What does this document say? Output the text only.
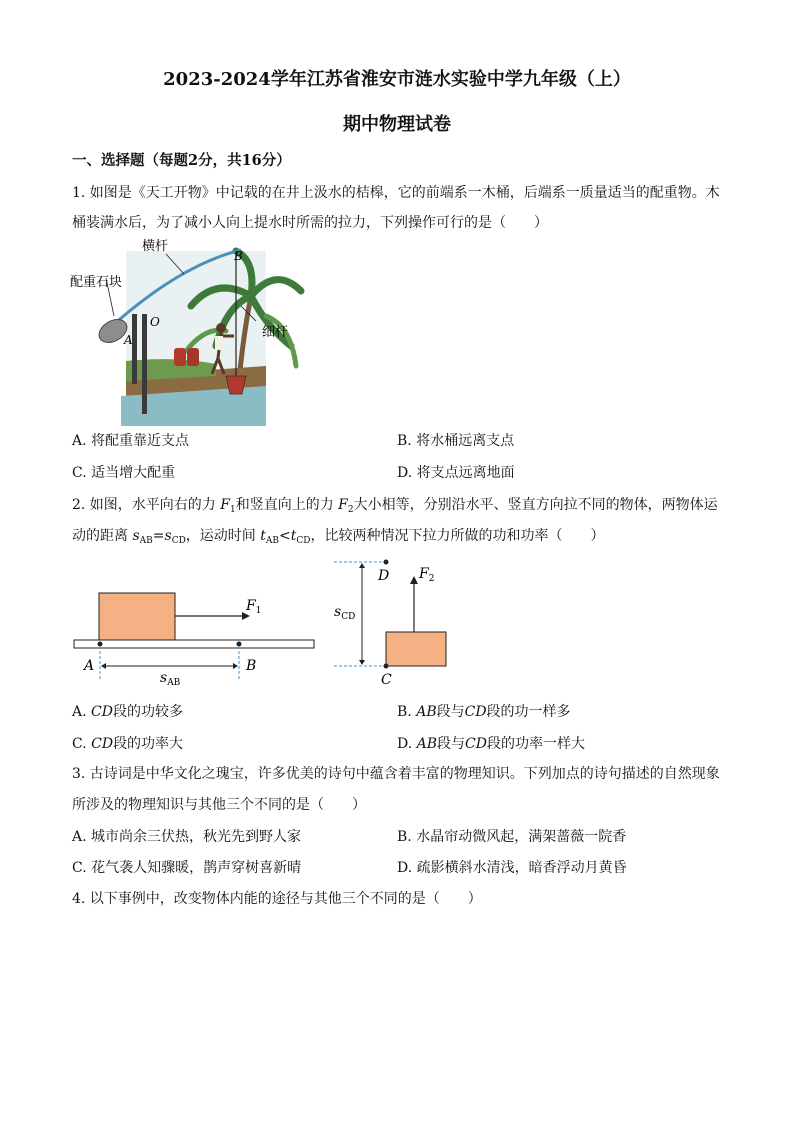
2023-2024学年江苏省淮安市涟水实验中学九年级（上）
期中物理试卷
一、选择题（每题2分，共16分）
1. 如图是《天工开物》中记载的在井上汲水的桔槔，它的前端系一木桶，后端系一质量适当的配重物。木
桶装满水后，为了减小人向上提水时所需的拉力，下列操作可行的是（　　）
横杆
配重石块
细杆
B
O
A
A. 将配重靠近支点	B. 将水桶远离支点
C. 适当增大配重	D. 将支点远离地面
2. 如图，水平向右的力 $F_1$和竖直向上的力 $F_2$大小相等，分别沿水平、竖直方向拉不同的物体，两物体运
动的距离 $s_{AB}=s_{CD}$，运动时间 $t_{AB}<t_{CD}$，比较两种情况下拉力所做的功和功率（　　）
$F_1$
A	B
$s_{AB}$
D $F_2$
$s_{CD}$
C
A. CD段的功较多	B. AB段与CD段的功一样多
C. CD段的功率大	D. AB段与CD段的功率一样大
3. 古诗词是中华文化之瑰宝，许多优美的诗句中蕴含着丰富的物理知识。下列加点的诗句描述的自然现象
所涉及的物理知识与其他三个不同的是（　　）
A. 城市尚余三伏热，秋光先到野人家	B. 水晶帘动微风起，满架蔷薇一院香
C. 花气袭人知骤暖，鹊声穿树喜新晴	D. 疏影横斜水清浅，暗香浮动月黄昏
4. 以下事例中，改变物体内能的途径与其他三个不同的是（　　）
